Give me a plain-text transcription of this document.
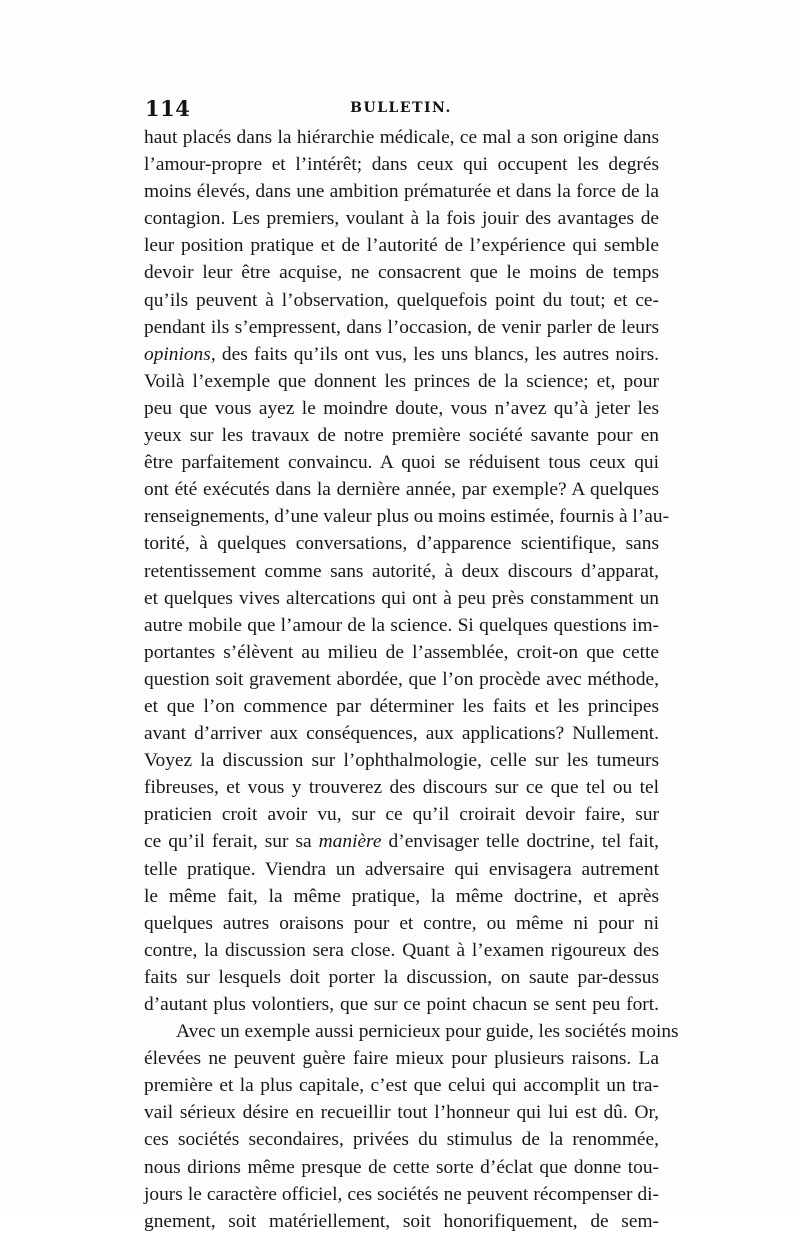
114	BULLETIN.
haut placés dans la hiérarchie médicale, ce mal a son origine dans
l’amour-propre et l’intérêt; dans ceux qui occupent les degrés
moins élevés, dans une ambition prématurée et dans la force de la
contagion. Les premiers, voulant à la fois jouir des avantages de
leur position pratique et de l’autorité de l’expérience qui semble
devoir leur être acquise, ne consacrent que le moins de temps
qu’ils peuvent à l’observation, quelquefois point du tout; et ce-
pendant ils s’empressent, dans l’occasion, de venir parler de leurs
opinions, des faits qu’ils ont vus, les uns blancs, les autres noirs.
Voilà l’exemple que donnent les princes de la science; et, pour
peu que vous ayez le moindre doute, vous n’avez qu’à jeter les
yeux sur les travaux de notre première société savante pour en
être parfaitement convaincu. A quoi se réduisent tous ceux qui
ont été exécutés dans la dernière année, par exemple? A quelques
renseignements, d’une valeur plus ou moins estimée, fournis à l’au-
torité, à quelques conversations, d’apparence scientifique, sans
retentissement comme sans autorité, à deux discours d’apparat,
et quelques vives altercations qui ont à peu près constamment un
autre mobile que l’amour de la science. Si quelques questions im-
portantes s’élèvent au milieu de l’assemblée, croit-on que cette
question soit gravement abordée, que l’on procède avec méthode,
et que l’on commence par déterminer les faits et les principes
avant d’arriver aux conséquences, aux applications? Nullement.
Voyez la discussion sur l’ophthalmologie, celle sur les tumeurs
fibreuses, et vous y trouverez des discours sur ce que tel ou tel
praticien croit avoir vu, sur ce qu’il croirait devoir faire, sur
ce qu’il ferait, sur sa manière d’envisager telle doctrine, tel fait,
telle pratique. Viendra un adversaire qui envisagera autrement
le même fait, la même pratique, la même doctrine, et après
quelques autres oraisons pour et contre, ou même ni pour ni
contre, la discussion sera close. Quant à l’examen rigoureux des
faits sur lesquels doit porter la discussion, on saute par-dessus
d’autant plus volontiers, que sur ce point chacun se sent peu fort.
Avec un exemple aussi pernicieux pour guide, les sociétés moins
élevées ne peuvent guère faire mieux pour plusieurs raisons. La
première et la plus capitale, c’est que celui qui accomplit un tra-
vail sérieux désire en recueillir tout l’honneur qui lui est dû. Or,
ces sociétés secondaires, privées du stimulus de la renommée,
nous dirions même presque de cette sorte d’éclat que donne tou-
jours le caractère officiel, ces sociétés ne peuvent récompenser di-
gnement, soit matériellement, soit honorifiquement, de sem-
